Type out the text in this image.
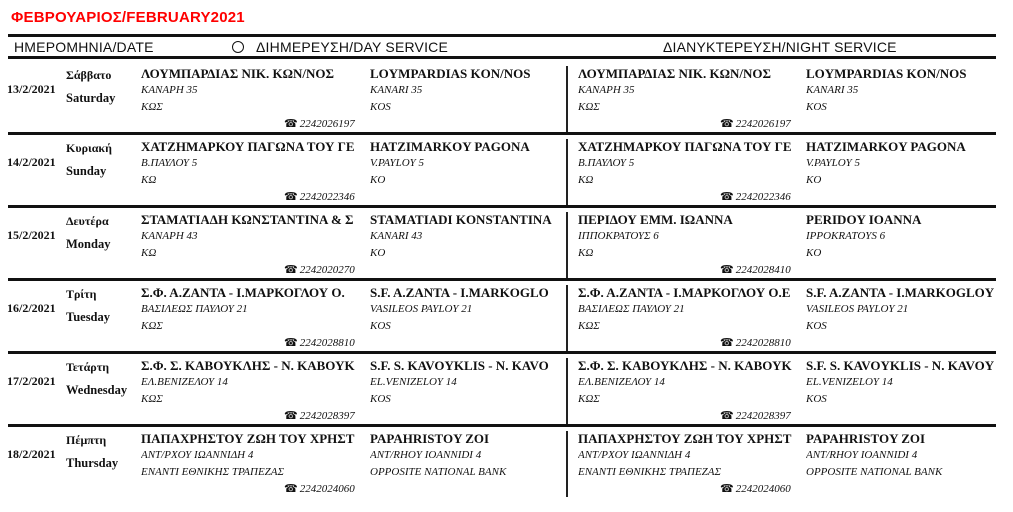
ΦΕΒΡΟΥΑΡΙΟΣ/FEBRUARY2021
ΗΜΕΡΟΜΗΝΙΑ/DATE	ΔΙΗΜΕΡΕΥΣΗ/DAY SERVICE	ΔΙΑΝΥΚΤΕΡΕΥΣΗ/NIGHT SERVICE
13/2/2021
Σάββατο
Saturday
ΛΟΥΜΠΑΡΔΙΑΣ ΝΙΚ. ΚΩΝ/ΝΟΣ
ΚΑΝΑΡΗ 35
ΚΩΣ
LOYMPARDIAS KON/NOS
KANARI 35
KOS
☎ 2242026197
ΛΟΥΜΠΑΡΔΙΑΣ ΝΙΚ. ΚΩΝ/ΝΟΣ
ΚΑΝΑΡΗ 35
ΚΩΣ
LOYMPARDIAS KON/NOS
KANARI 35
KOS
☎ 2242026197
14/2/2021
Κυριακή
Sunday
ΧΑΤΖΗΜΑΡΚΟΥ ΠΑΓΩΝΑ ΤΟΥ ΓΕ
Β.ΠΑΥΛΟΥ 5
ΚΩ
HATZIMARKOY PAGONA
V.PAYLOY 5
KO
☎ 2242022346
ΧΑΤΖΗΜΑΡΚΟΥ ΠΑΓΩΝΑ ΤΟΥ ΓΕ
Β.ΠΑΥΛΟΥ 5
ΚΩ
HATZIMARKOY PAGONA
V.PAYLOY 5
KO
☎ 2242022346
15/2/2021
Δευτέρα
Monday
ΣΤΑΜΑΤΙΑΔΗ ΚΩΝΣΤΑΝΤΙΝΑ & Σ
ΚΑΝΑΡΗ 43
ΚΩ
STAMATIADI KONSTANTINA
KANARI 43
KO
☎ 2242020270
ΠΕΡΙΔΟΥ ΕΜΜ. ΙΩΑΝΝΑ
ΙΠΠΟΚΡΑΤΟΥΣ 6
ΚΩ
PERIDOY IOANNA
IPPOKRATOYS 6
KO
☎ 2242028410
16/2/2021
Τρίτη
Tuesday
Σ.Φ. Α.ΖΑΝΤΑ - Ι.ΜΑΡΚΟΓΛΟΥ Ο.
ΒΑΣΙΛΕΩΣ ΠΑΥΛΟΥ 21
ΚΩΣ
S.F. A.ZANTA - I.MARKOGLO
VASILEOS PAYLOY 21
KOS
☎ 2242028810
Σ.Φ. Α.ΖΑΝΤΑ - Ι.ΜΑΡΚΟΓΛΟΥ Ο.Ε
ΒΑΣΙΛΕΩΣ ΠΑΥΛΟΥ 21
ΚΩΣ
S.F. A.ZANTA - I.MARKOGLOY
VASILEOS PAYLOY 21
KOS
☎ 2242028810
17/2/2021
Τετάρτη
Wednesday
Σ.Φ. Σ. ΚΑΒΟΥΚΛΗΣ - Ν. ΚΑΒΟΥΚ
ΕΛ.ΒΕΝΙΖΕΛΟΥ 14
ΚΩΣ
S.F. S. KAVOYKLIS - N. KAVO
EL.VENIZELOY 14
KOS
☎ 2242028397
Σ.Φ. Σ. ΚΑΒΟΥΚΛΗΣ - Ν. ΚΑΒΟΥΚ
ΕΛ.ΒΕΝΙΖΕΛΟΥ 14
ΚΩΣ
S.F. S. KAVOYKLIS - N. KAVOY
EL.VENIZELOY 14
KOS
☎ 2242028397
18/2/2021
Πέμπτη
Thursday
ΠΑΠΑΧΡΗΣΤΟΥ ΖΩΗ ΤΟΥ ΧΡΗΣΤ
ΑΝΤ/ΡΧΟΥ ΙΩΑΝΝΙΔΗ 4
ΕΝΑΝΤΙ ΕΘΝΙΚΗΣ ΤΡΑΠΕΖΑΣ
PAPAHRISTOY ZOI
ANT/RHOY IOANNIDI 4
OPPOSITE NATIONAL BANK
☎ 2242024060
ΠΑΠΑΧΡΗΣΤΟΥ ΖΩΗ ΤΟΥ ΧΡΗΣΤ
ΑΝΤ/ΡΧΟΥ ΙΩΑΝΝΙΔΗ 4
ΕΝΑΝΤΙ ΕΘΝΙΚΗΣ ΤΡΑΠΕΖΑΣ
PAPAHRISTOY ZOI
ANT/RHOY IOANNIDI 4
OPPOSITE NATIONAL BANK
☎ 2242024060
